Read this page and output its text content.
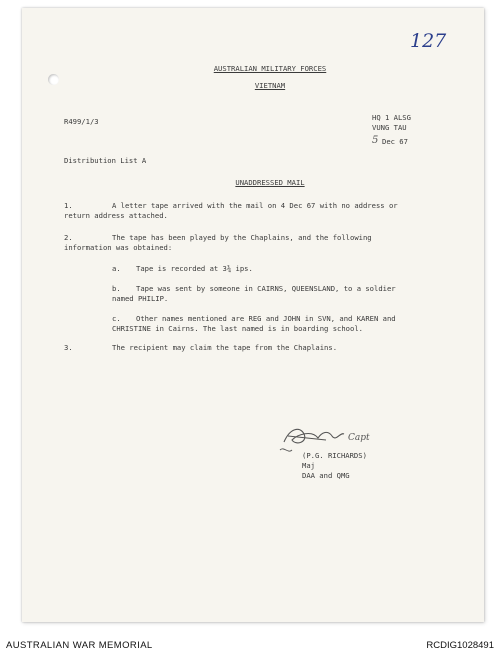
127
AUSTRALIAN MILITARY FORCES
VIETNAM
R499/1/3	HQ 1 ALSG
VUNG TAU
5 Dec 67
Distribution List A
UNADDRESSED MAIL
1.	A letter tape arrived with the mail on 4 Dec 67 with no address or
return address attached.
2.	The tape has been played by the Chaplains, and the following
information was obtained:
a. Tape is recorded at 3¾ ips.
b. Tape was sent by someone in CAIRNS, QUEENSLAND, to a soldier
named PHILIP.
c. Other names mentioned are REG and JOHN in SVN, and KAREN and
CHRISTINE in Cairns. The last named is in boarding school.
3.	The recipient may claim the tape from the Chaplains.
Capt
(P.G. RICHARDS)
Maj
DAA and QMG
AUSTRALIAN WAR MEMORIAL	RCDIG1028491
